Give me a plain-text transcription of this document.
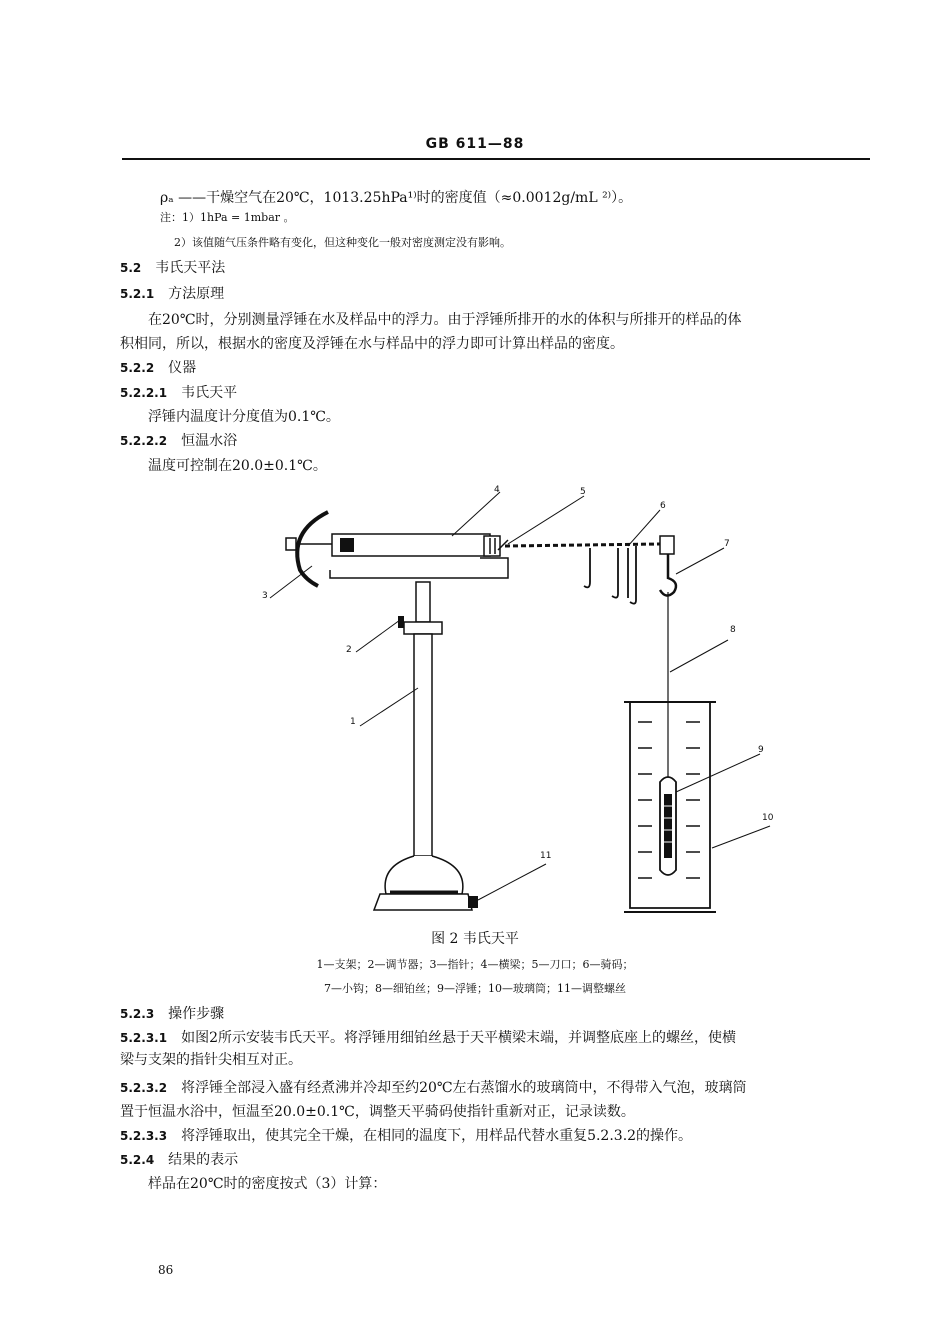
GB 611—88
ρₐ ——干燥空气在20℃，1013.25hPa¹⁾时的密度值（≈0.0012g/mL ²⁾）。
注：1）1hPa = 1mbar 。
2）该值随气压条件略有变化，但这种变化一般对密度测定没有影响。
5.2 韦氏天平法
5.2.1 方法原理
在20℃时，分别测量浮锤在水及样品中的浮力。由于浮锤所排开的水的体积与所排开的样品的体
积相同，所以，根据水的密度及浮锤在水与样品中的浮力即可计算出样品的密度。
5.2.2 仪器
5.2.2.1 韦氏天平
浮锤内温度计分度值为0.1℃。
5.2.2.2 恒温水浴
温度可控制在20.0±0.1℃。
4	5
6
7
3
2
1
8
9
10
11
图 2 韦氏天平
1—支架；2—调节器；3—指针；4—横梁；5—刀口；6—骑码；
7—小钩；8—细铂丝；9—浮锤；10—玻璃筒；11—调整螺丝
5.2.3 操作步骤
5.2.3.1 如图2所示安装韦氏天平。将浮锤用细铂丝悬于天平横梁末端，并调整底座上的螺丝，使横
梁与支架的指针尖相互对正。
5.2.3.2 将浮锤全部浸入盛有经煮沸并冷却至约20℃左右蒸馏水的玻璃筒中，不得带入气泡，玻璃筒
置于恒温水浴中，恒温至20.0±0.1℃，调整天平骑码使指针重新对正，记录读数。
5.2.3.3 将浮锤取出，使其完全干燥，在相同的温度下，用样品代替水重复5.2.3.2的操作。
5.2.4 结果的表示
样品在20℃时的密度按式（3）计算：
86
